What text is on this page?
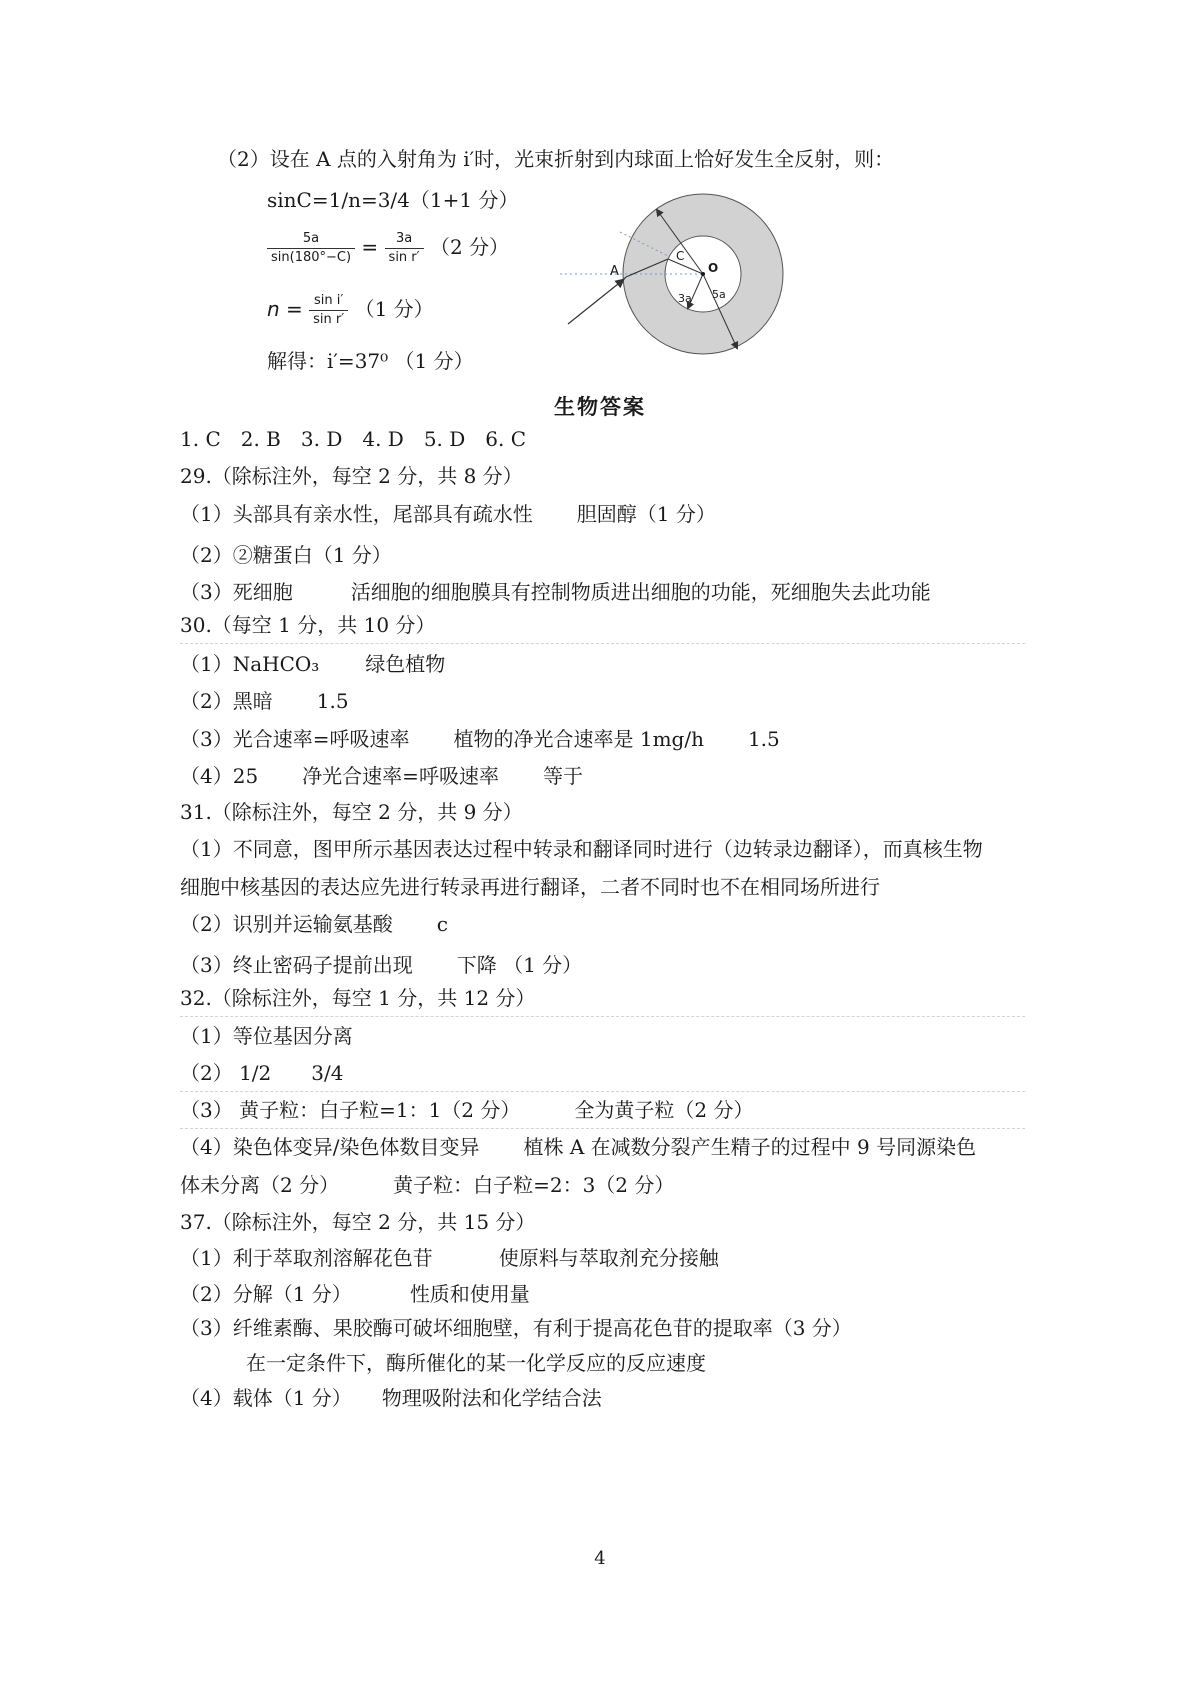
（2）设在 A 点的入射角为 i′时，光束折射到内球面上恰好发生全反射，则：
sinC=1/n=3/4（1+1 分）
$\frac{5a}{\sin(180^\circ-C)} = \frac{3a}{\text{sin r′}} (2$ 分）
$n = \frac{\text{sin i′}}{\text{sin r′}} (1$ 分）
解得：i′=37⁰ （1 分）
A
C
O
3a 5a
生物答案
1. C　2. B　3. D　4. D　5. D　6. C
29.（除标注外，每空 2 分，共 8 分）
（1）头部具有亲水性，尾部具有疏水性 胆固醇（1 分）
（2）②糖蛋白（1 分）
（3）死细胞	活细胞的细胞膜具有控制物质进出细胞的功能，死细胞失去此功能
30.（每空 1 分，共 10 分）
（1）NaHCO₃ 绿色植物
（2）黑暗 1.5
（3）光合速率=呼吸速率 植物的净光合速率是 1mg/h 1.5
（4）25 净光合速率=呼吸速率 等于
31.（除标注外，每空 2 分，共 9 分）
（1）不同意，图甲所示基因表达过程中转录和翻译同时进行（边转录边翻译），而真核生物
细胞中核基因的表达应先进行转录再进行翻译，二者不同时也不在相同场所进行
（2）识别并运输氨基酸 c
（3）终止密码子提前出现 下降 （1 分）
32.（除标注外，每空 1 分，共 12 分）
（1）等位基因分离
（2） 1/2 3/4
（3） 黄子粒：白子粒=1：1（2 分）	全为黄子粒（2 分）
（4）染色体变异/染色体数目变异 植株 A 在减数分裂产生精子的过程中 9 号同源染色
体未分离（2 分）	黄子粒：白子粒=2：3（2 分）
37.（除标注外，每空 2 分，共 15 分）
（1）利于萃取剂溶解花色苷	使原料与萃取剂充分接触
（2）分解（1 分）	性质和使用量
（3）纤维素酶、果胶酶可破坏细胞壁，有利于提高花色苷的提取率（3 分）
在一定条件下，酶所催化的某一化学反应的反应速度
（4）载体（1 分） 物理吸附法和化学结合法
4
